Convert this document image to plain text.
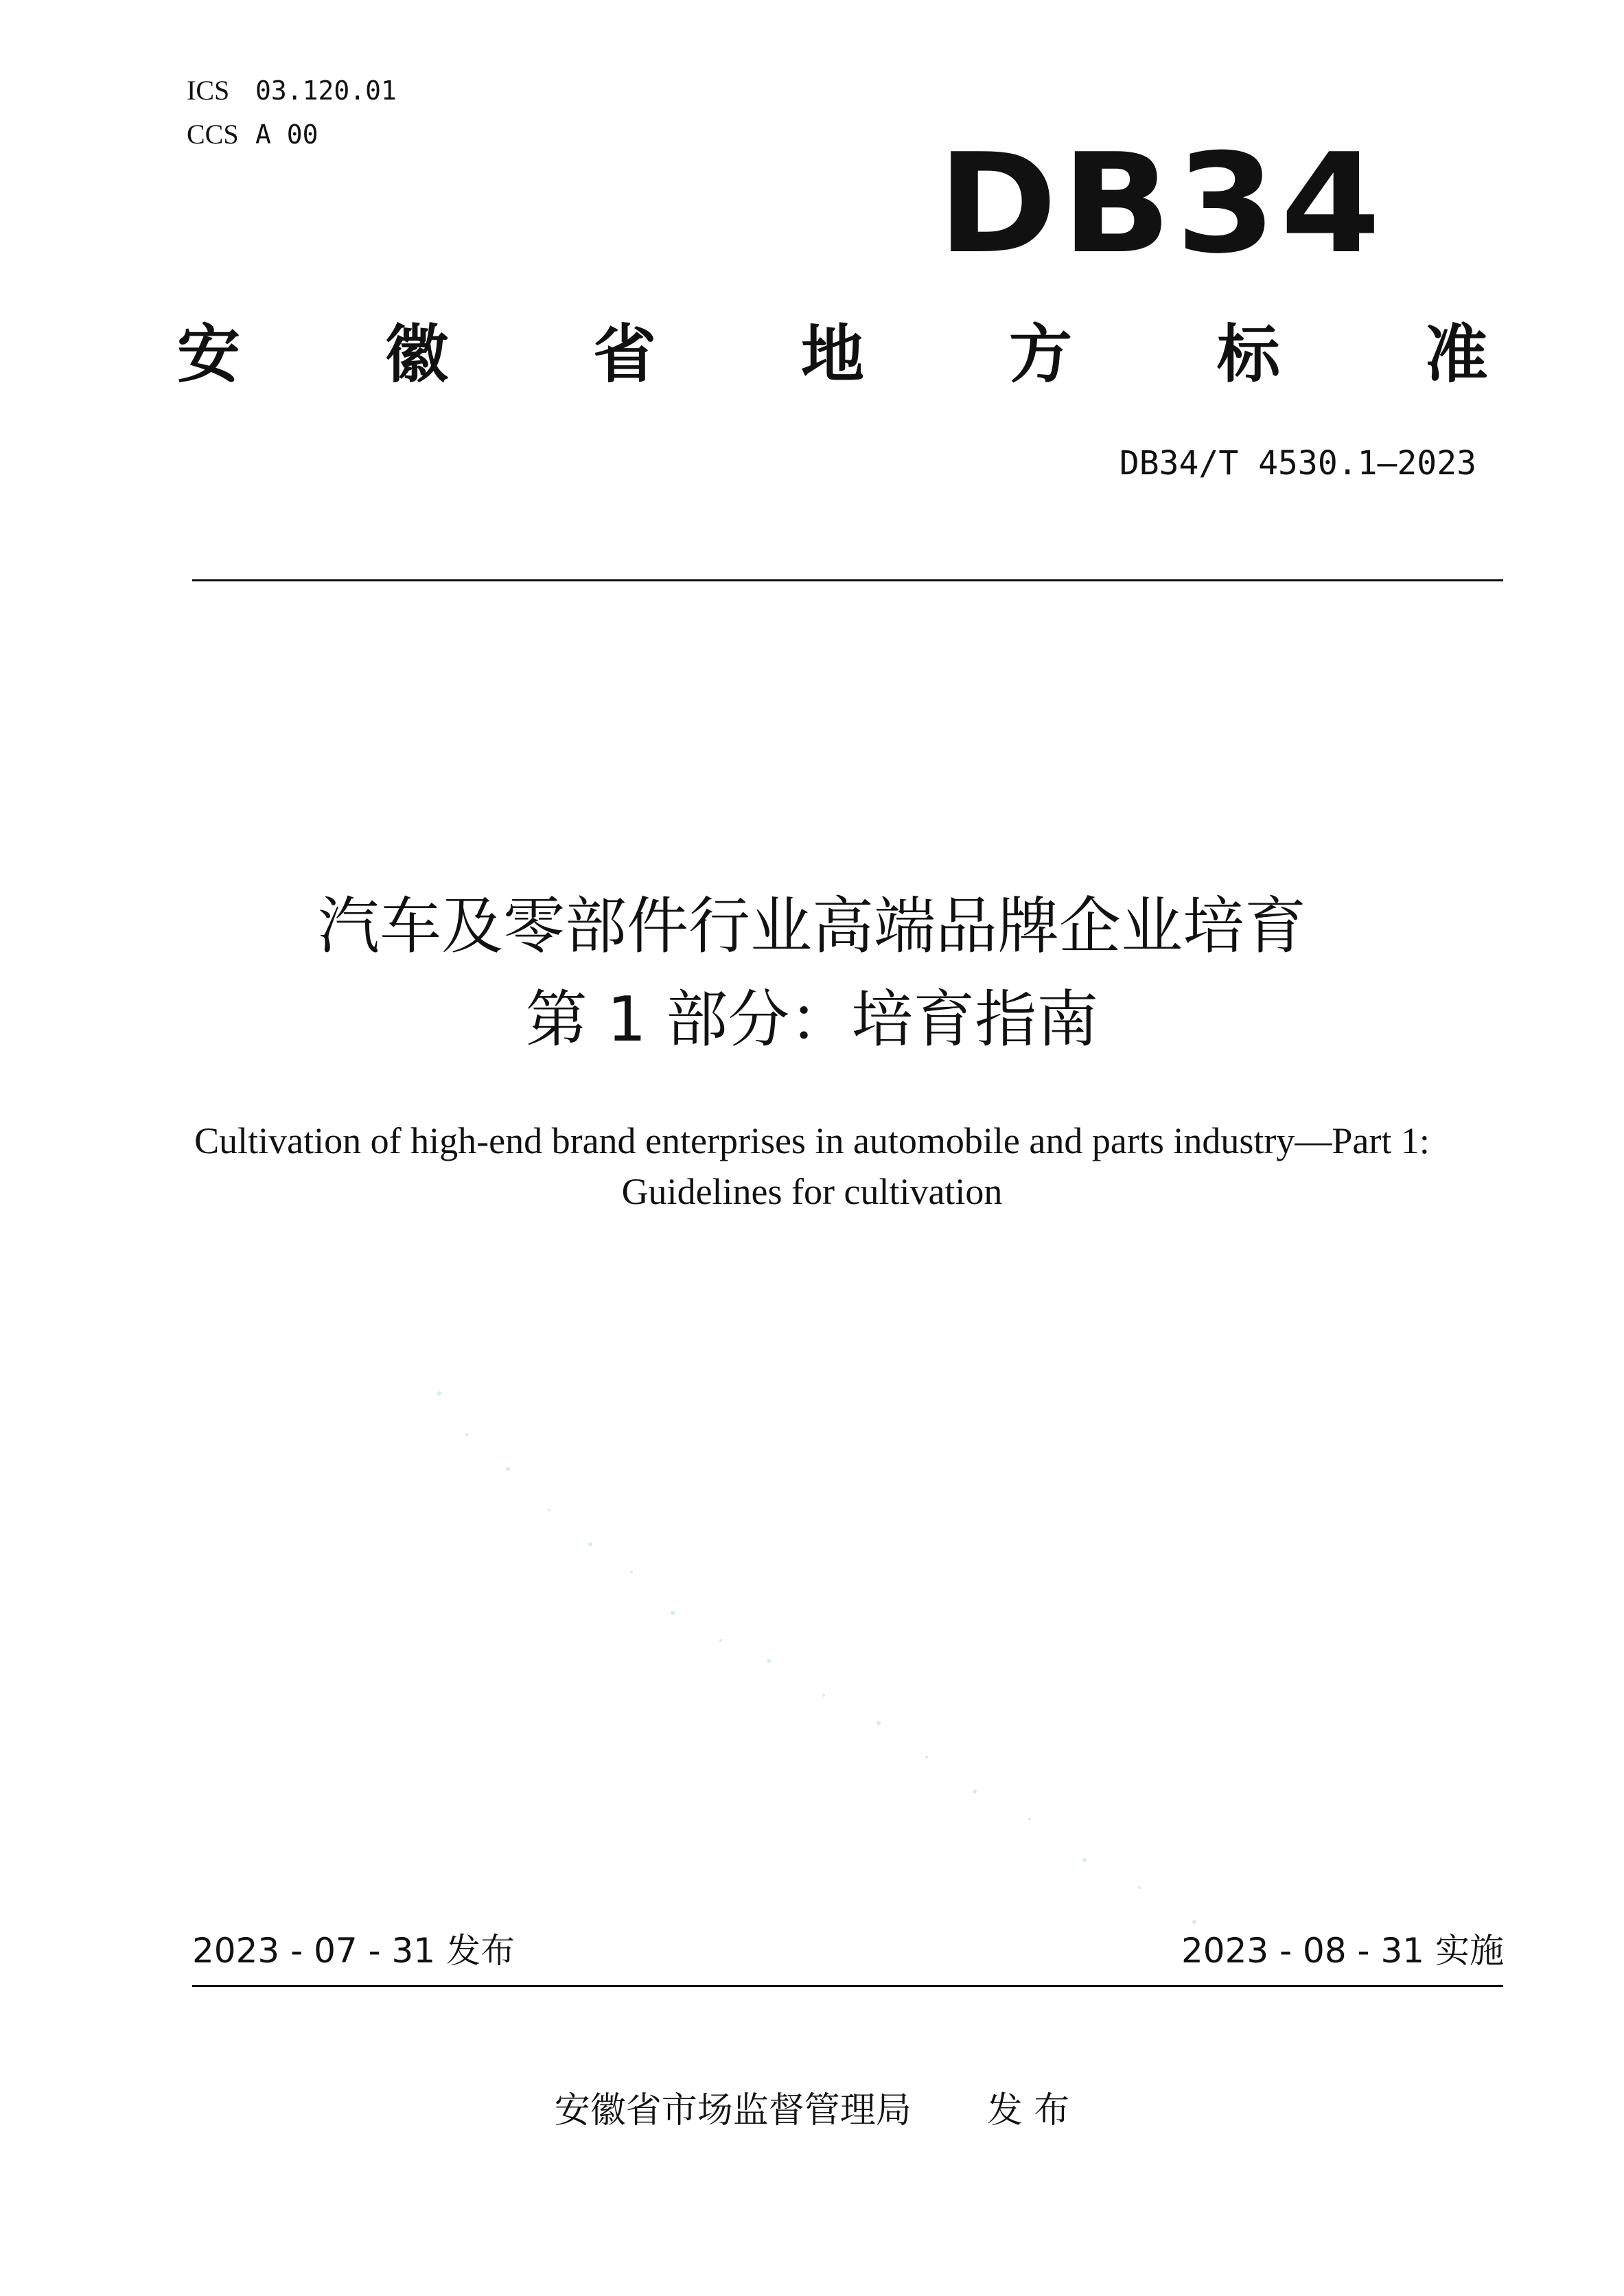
ICS 03.120.01
CCS A 00	DB34
安 徽 省 地 方 标 准
DB34/T 4530.1—2023
汽车及零部件行业高端品牌企业培育
第 1 部分：培育指南
Cultivation of high-end brand enterprises in automobile and parts industry—Part 1:
Guidelines for cultivation
2023 - 07 - 31 发布	2023 - 08 - 31 实施
安徽省市场监督管理局 发 布
